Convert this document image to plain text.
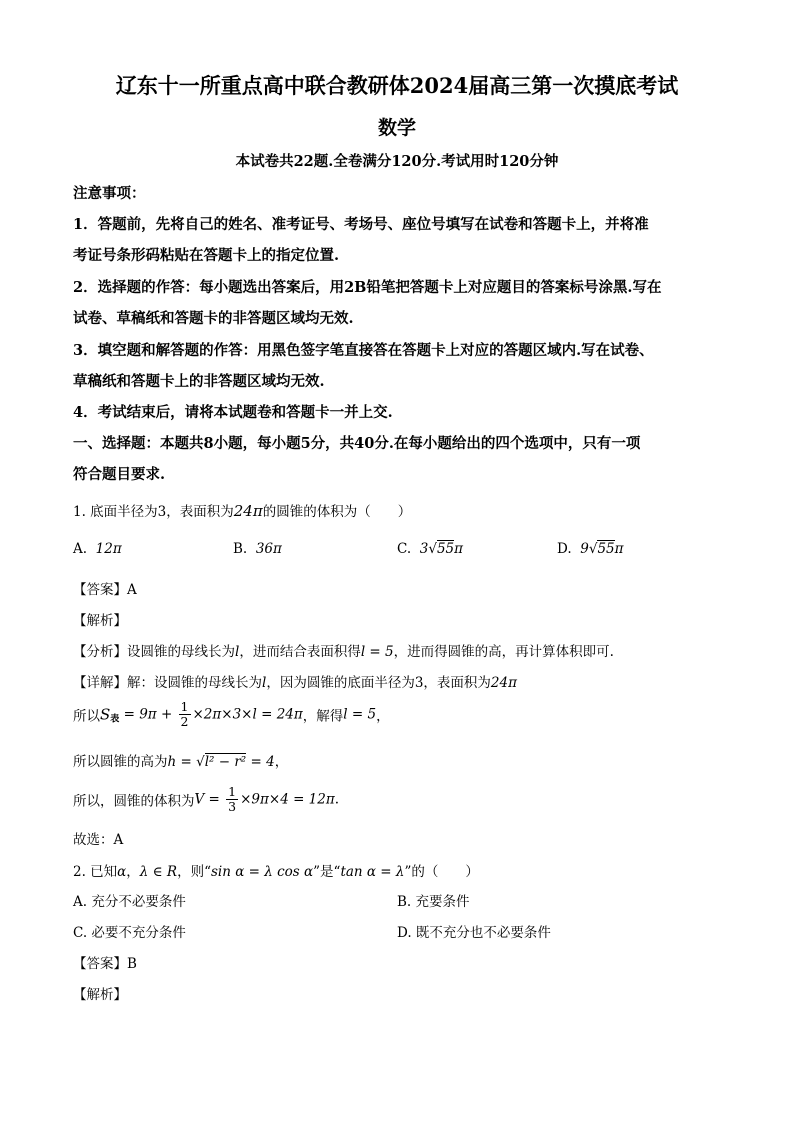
辽东十一所重点高中联合教研体2024届高三第一次摸底考试
数学
本试卷共22题.全卷满分120分.考试用时120分钟
注意事项：
1．答题前，先将自己的姓名、准考证号、考场号、座位号填写在试卷和答题卡上，并将准
考证号条形码粘贴在答题卡上的指定位置.
2．选择题的作答：每小题选出答案后，用2B铅笔把答题卡上对应题目的答案标号涂黑.写在
试卷、草稿纸和答题卡的非答题区域均无效.
3．填空题和解答题的作答：用黑色签字笔直接答在答题卡上对应的答题区域内.写在试卷、
草稿纸和答题卡上的非答题区域均无效.
4．考试结束后，请将本试题卷和答题卡一并上交.
一、选择题：本题共8小题，每小题5分，共40分.在每小题给出的四个选项中，只有一项
符合题目要求.
1. 底面半径为3，表面积为24π的圆锥的体积为（　　）
A. 12π	B. 36π	C. 3√55π	D. 9√55π
【答案】A
【解析】
【分析】设圆锥的母线长为l，进而结合表面积得l = 5，进而得圆锥的高，再计算体积即可.
【详解】解：设圆锥的母线长为l，因为圆锥的底面半径为3，表面积为24π
所以$S_表 = 9\pi + \frac{1}{2} \times 2\pi\times 3\times l = 24\pi$，解得l = 5，
所以圆锥的高为h = √l² − r² = 4，
所以，圆锥的体积为$V = \frac{1}{3} \times 9\pi\times 4 = 12\pi$.
故选：A
2. 已知α，λ ∈ R，则“sin α = λ cos α”是“tan α = λ”的（　　）
A. 充分不必要条件	B. 充要条件
C. 必要不充分条件	D. 既不充分也不必要条件
【答案】B
【解析】
